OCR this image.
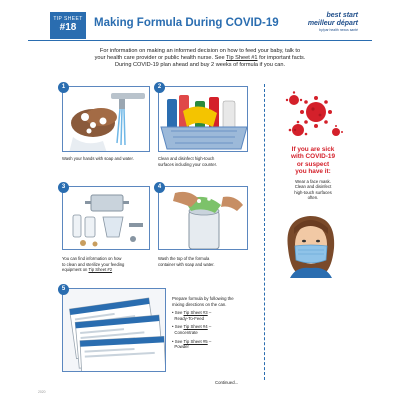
TIP SHEET
#18	Making Formula During COVID-19
best start
meilleur départ
by/par health nexus santé
For information on making an informed decision on how to feed your baby, talk to
your health care provider or public health nurse. See Tip Sheet #1 for important facts.
During COVID-19 plan ahead and buy 2 weeks of formula if you can.
1
Wash your hands with soap and water.
2
Clean and disinfect high-touch
surfaces including your counter.
3
You can find information on how
to clean and sterilize your feeding
equipment on Tip Sheet #2
4
Wash the top of the formula
container with soap and water.
5
Prepare formula by following the
mixing directions on the can.
• See Tip Sheet #3 –
Ready-To-Feed
• See Tip Sheet #4 –
Concentrate
• See Tip Sheet #5 –
Powder
If you are sick
with COVID-19
or suspect
you have it:
Wear a face mask.
Clean and disinfect
high-touch surfaces
often.
Continued...
2020
